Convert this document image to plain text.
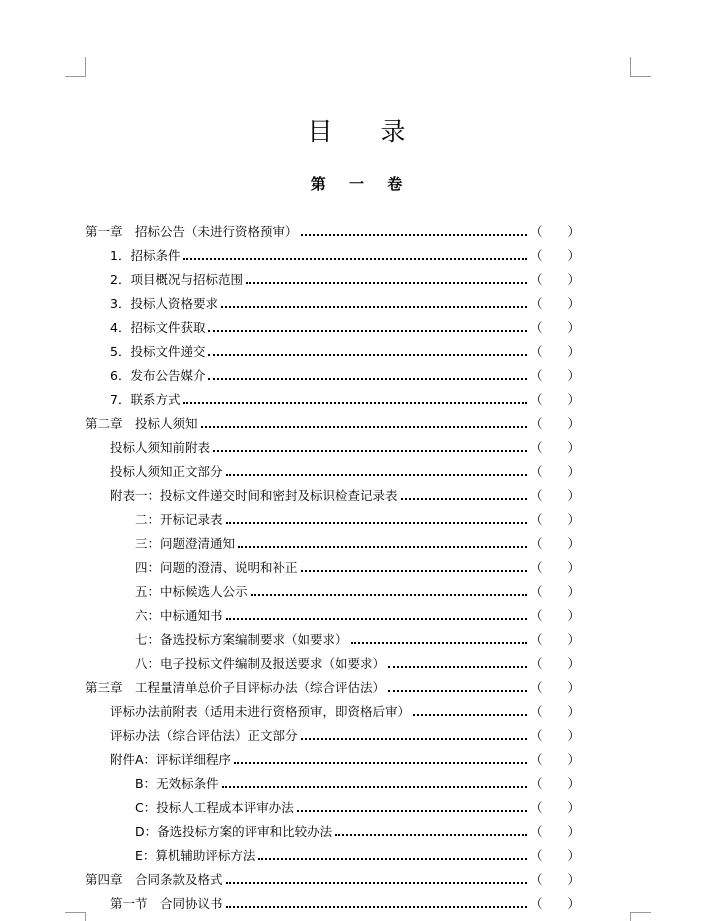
目 录
第 一 卷
第一章　招标公告（未进行资格预审）	（　　）
1．招标条件	（　　）
2．项目概况与招标范围	（　　）
3．投标人资格要求	（　　）
4．招标文件获取	（　　）
5．投标文件递交	（　　）
6．发布公告媒介	（　　）
7．联系方式	（　　）
第二章　投标人须知	（　　）
投标人须知前附表	（　　）
投标人须知正文部分	（　　）
附表一：投标文件递交时间和密封及标识检查记录表	（　　）
二：开标记录表	（　　）
三：问题澄清通知	（　　）
四：问题的澄清、说明和补正	（　　）
五：中标候选人公示	（　　）
六：中标通知书	（　　）
七：备选投标方案编制要求（如要求）	（　　）
八：电子投标文件编制及报送要求（如要求）	（　　）
第三章　工程量清单总价子目评标办法（综合评估法）	（　　）
评标办法前附表（适用未进行资格预审，即资格后审）	（　　）
评标办法（综合评估法）正文部分	（　　）
附件A：评标详细程序	（　　）
B：无效标条件	（　　）
C：投标人工程成本评审办法	（　　）
D：备选投标方案的评审和比较办法	（　　）
E：算机辅助评标方法	（　　）
第四章　合同条款及格式	（　　）
第一节　合同协议书	（　　）
